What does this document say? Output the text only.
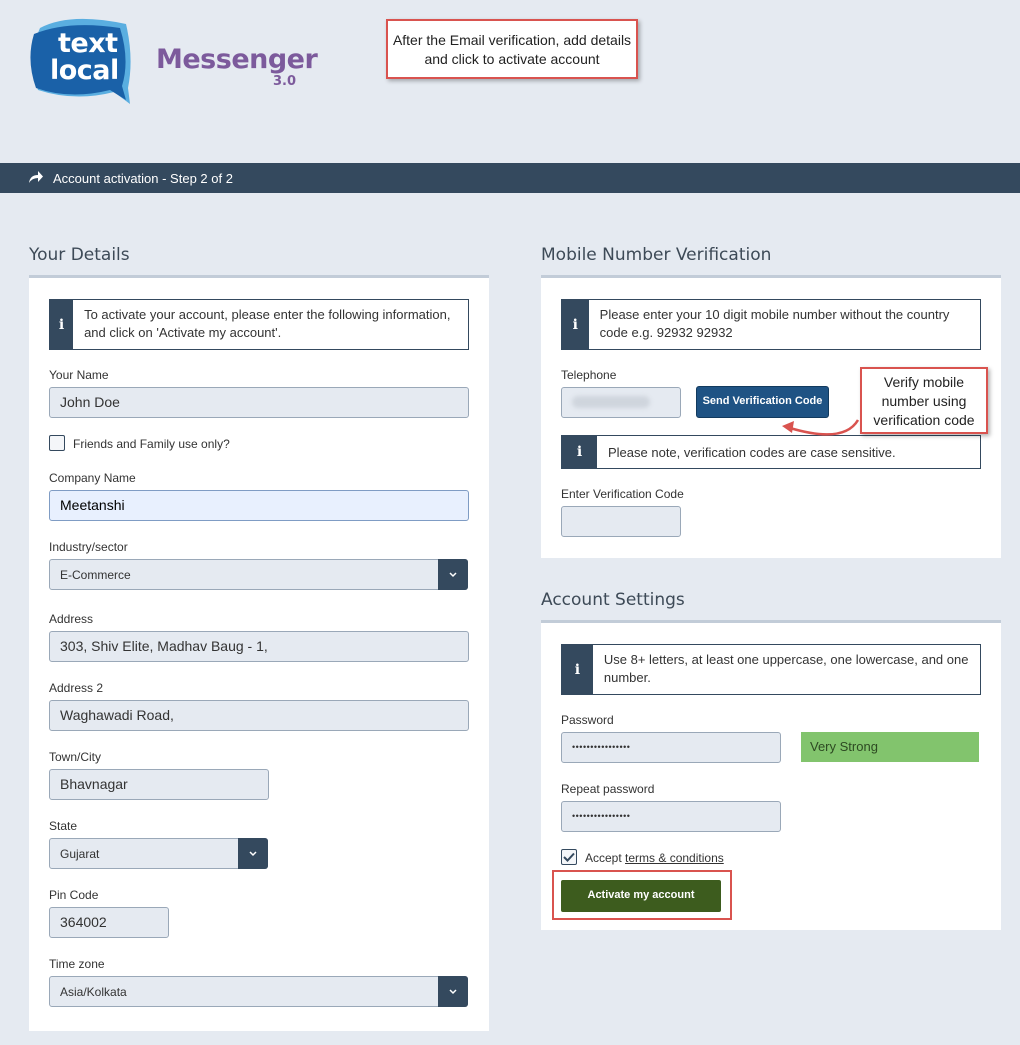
text
local Messenger
3.0
After the Email verification, add details and click to activate account
Account activation - Step 2 of 2
Your Details
i
To activate your account, please enter the following information, and click on 'Activate my account'.
Your Name
John Doe
Friends and Family use only?
Company Name
Meetanshi
Industry/sector
E-Commerce
Address
303, Shiv Elite, Madhav Baug - 1,
Address 2
Waghawadi Road,
Town/City
Bhavnagar
State
Gujarat
Pin Code
364002
Time zone
Asia/Kolkata
Mobile Number Verification
i
Please enter your 10 digit mobile number without the country code e.g. 92932 92932
Telephone
Send Verification Code
i	Please note, verification codes are case sensitive.
Enter Verification Code
Verify mobile number using verification code
Account Settings
i
Use 8+ letters, at least one uppercase, one lowercase, and one number.
Password
••••••••••••••••	Very Strong
Repeat password
••••••••••••••••
Accept terms & conditions
Activate my account
